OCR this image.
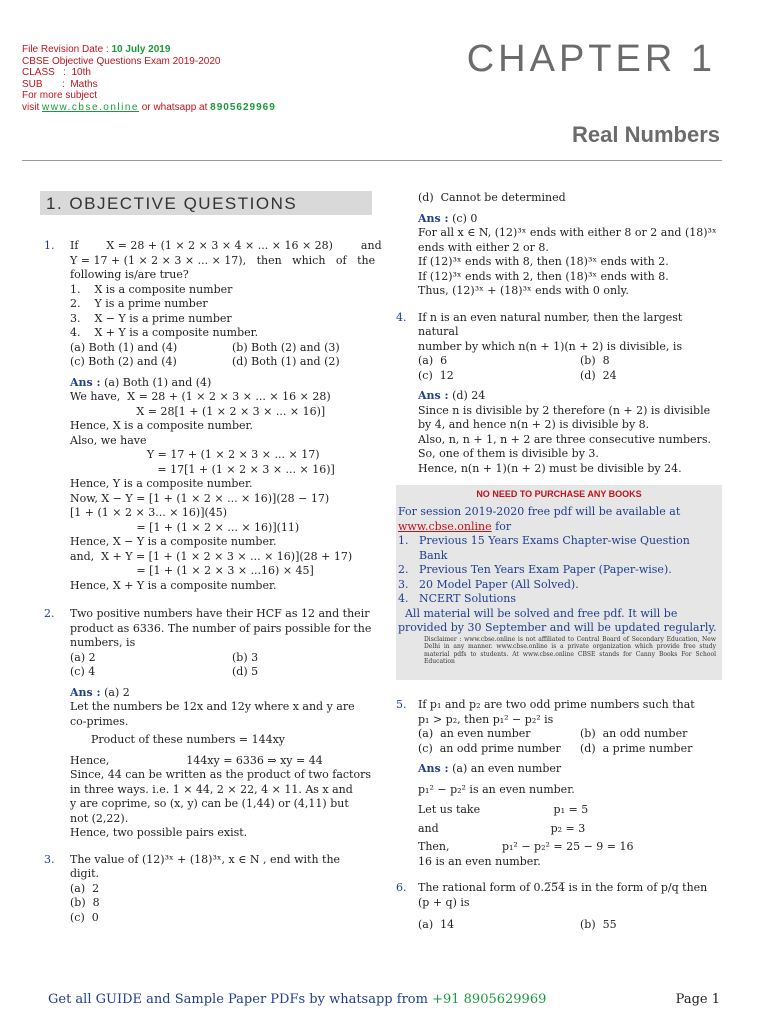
File Revision Date : 10 July 2019
CBSE Objective Questions Exam 2019-2020
CLASS   :  10th
SUB       :  Maths
For more subject
visit www.cbse.online or whatsapp at 8905629969
CHAPTER 1
Real Numbers
1. OBJECTIVE QUESTIONS
1. If        X = 28 + (1 × 2 × 3 × 4 × ... × 16 × 28)        and
Y = 17 + (1 × 2 × 3 × ... × 17),   then   which   of   the
following is/are true?
1.    X is a composite number
2.    Y is a prime number
3.    X − Y is a prime number
4.    X + Y is a composite number.
(a) Both (1) and (4)	(b) Both (2) and (3)
(c) Both (2) and (4)	(d) Both (1) and (2)
Ans : (a) Both (1) and (4)
We have,  X = 28 + (1 × 2 × 3 × ... × 16 × 28)
X = 28[1 + (1 × 2 × 3 × ... × 16)]
Hence, X is a composite number.
Also, we have
Y = 17 + (1 × 2 × 3 × ... × 17)
= 17[1 + (1 × 2 × 3 × ... × 16)]
Hence, Y is a composite number.
Now, X − Y = [1 + (1 × 2 × ... × 16)](28 − 17)
[1 + (1 × 2 × 3... × 16)](45)
= [1 + (1 × 2 × ... × 16)](11)
Hence, X − Y is a composite number.
and,  X + Y = [1 + (1 × 2 × 3 × ... × 16)](28 + 17)
= [1 + (1 × 2 × 3 × ...16) × 45]
Hence, X + Y is a composite number.
2. Two positive numbers have their HCF as 12 and their
product as 6336. The number of pairs possible for the
numbers, is
(a) 2	(b) 3
(c) 4	(d) 5
Ans : (a) 2
Let the numbers be 12x and 12y where x and y are
co-primes.
Product of these numbers = 144xy
Hence,                      144xy = 6336 ⇒ xy = 44
Since, 44 can be written as the product of two factors
in three ways. i.e. 1 × 44, 2 × 22, 4 × 11. As x and
y are coprime, so (x, y) can be (1,44) or (4,11) but
not (2,22).
Hence, two possible pairs exist.
3. The value of (12)³ˣ + (18)³ˣ, x ∈ N , end with the digit.
(a)  2
(b)  8
(c)  0
(d)  Cannot be determined
Ans : (c) 0
For all x ∈ N, (12)³ˣ ends with either 8 or 2 and (18)³ˣ
ends with either 2 or 8.
If (12)³ˣ ends with 8, then (18)³ˣ ends with 2.
If (12)³ˣ ends with 2, then (18)³ˣ ends with 8.
Thus, (12)³ˣ + (18)³ˣ ends with 0 only.
4. If n is an even natural number, then the largest natural
number by which n(n + 1)(n + 2) is divisible, is
(a)  6	(b)  8
(c)  12	(d)  24
Ans : (d) 24
Since n is divisible by 2 therefore (n + 2) is divisible
by 4, and hence n(n + 2) is divisible by 8.
Also, n, n + 1, n + 2 are three consecutive numbers.
So, one of them is divisible by 3.
Hence, n(n + 1)(n + 2) must be divisible by 24.
NO NEED TO PURCHASE ANY BOOKS
For session 2019-2020 free pdf will be available at
www.cbse.online for
1.   Previous 15 Years Exams Chapter-wise Question
Bank
2.   Previous Ten Years Exam Paper (Paper-wise).
3.   20 Model Paper (All Solved).
4.   NCERT Solutions
All material will be solved and free pdf. It will be
provided by 30 September and will be updated regularly.
Disclaimer : www.cbse.online is not affiliated to Central Board of Secondary Education, New Delhi in any manner. www.cbse.online is a private organization which provide free study material pdfs to students. At www.cbse.online CBSE stands for Canny Books For School Education
5. If p₁ and p₂ are two odd prime numbers such that
p₁ > p₂, then p₁² − p₂² is
(a)  an even number	(b)  an odd number
(c)  an odd prime number	(d)  a prime number
Ans : (a) an even number
p₁² − p₂² is an even number.
Let us take                     p₁ = 5
and                                p₂ = 3
Then,               p₁² − p₂² = 25 − 9 = 16
16 is an even number.
6. The rational form of 0.2̅5̅4̅ is in the form of p/q then
(p + q) is
(a)  14	(b)  55
Get all GUIDE and Sample Paper PDFs by whatsapp from +91 8905629969	Page 1
